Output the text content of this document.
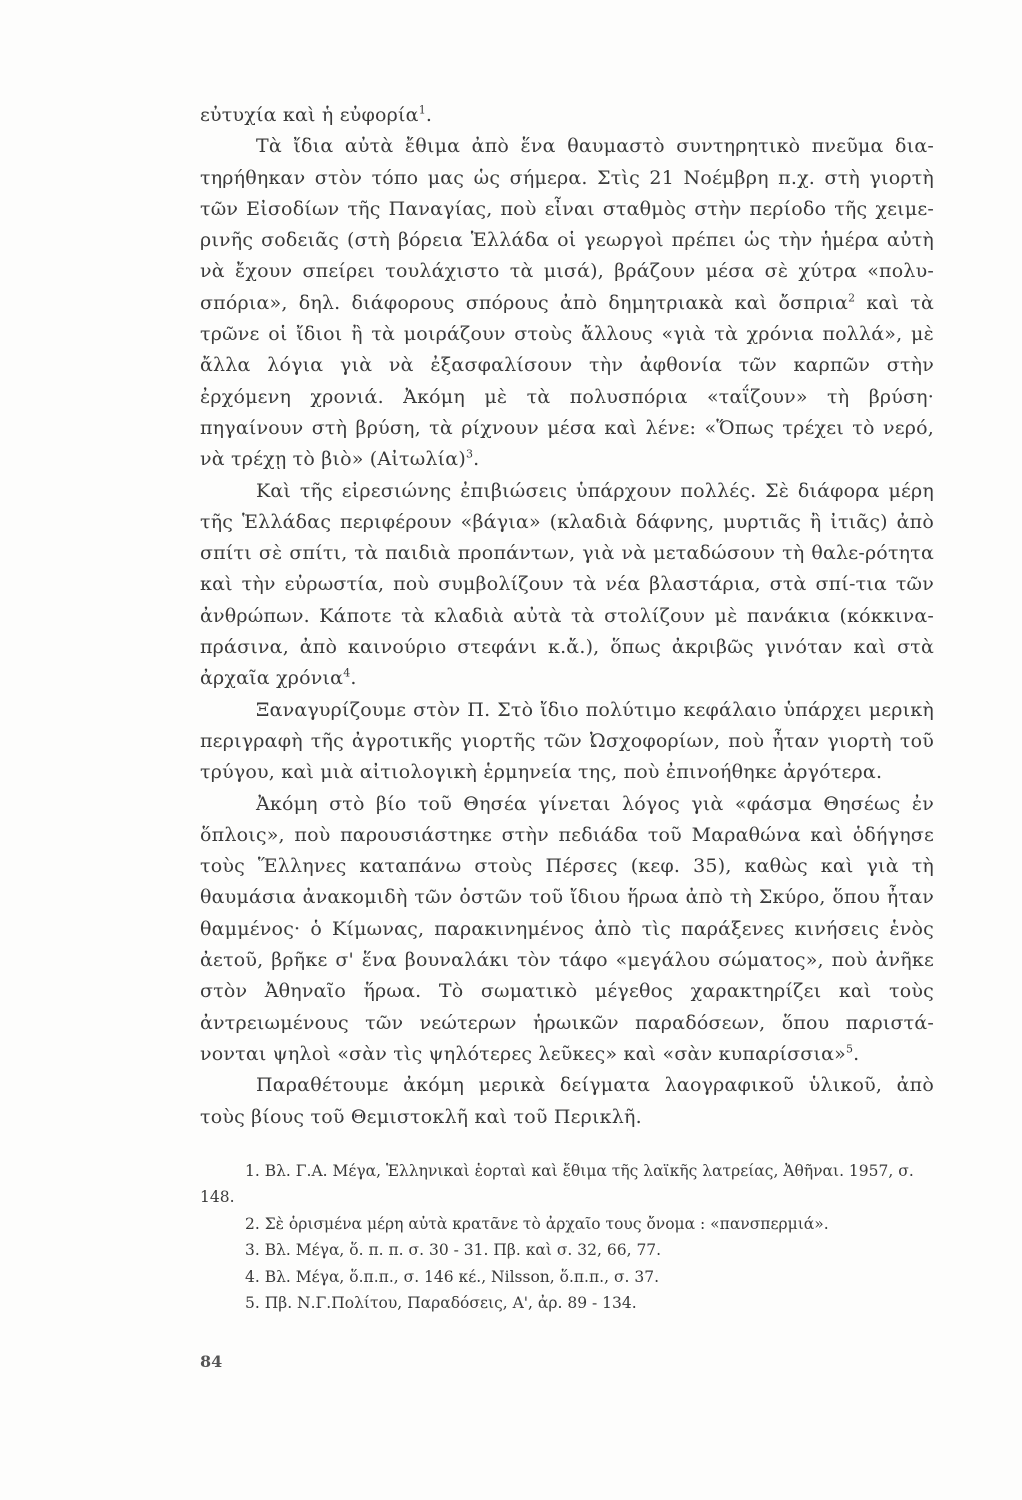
εὐτυχία καὶ ἡ εὐφορία$^1$.

Τὰ ἴδια αὐτὰ ἔθιμα ἀπὸ ἕνα θαυμαστὸ συντηρητικὸ πνεῦμα δια-τηρήθηκαν στὸν τόπο μας ὡς σήμερα. Στὶς 21 Νοέμβρη π.χ. στὴ γιορτὴ τῶν Εἰσοδίων τῆς Παναγίας, ποὺ εἶναι σταθμὸς στὴν περίοδο τῆς χειμε-ρινῆς σοδειᾶς (στὴ βόρεια Ἑλλάδα οἱ γεωργοὶ πρέπει ὡς τὴν ἡμέρα αὐτὴ νὰ ἔχουν σπείρει τουλάχιστο τὰ μισά), βράζουν μέσα σὲ χύτρα «πολυ-σπόρια», δηλ. διάφορους σπόρους ἀπὸ δημητριακὰ καὶ ὄσπρια$^2$ καὶ τὰ τρῶνε οἱ ἴδιοι ἢ τὰ μοιράζουν στοὺς ἄλλους «γιὰ τὰ χρόνια πολλά», μὲ ἄλλα λόγια γιὰ νὰ ἐξασφαλίσουν τὴν ἀφθονία τῶν καρπῶν στὴν ἐρχόμενη χρονιά. Ἀκόμη μὲ τὰ πολυσπόρια «ταΐζουν» τὴ βρύση· πηγαίνουν στὴ βρύση, τὰ ρίχνουν μέσα καὶ λένε: «Ὅπως τρέχει τὸ νερό, νὰ τρέχῃ τὸ βιὸ» (Αἰτωλία)$^3$.

Καὶ τῆς εἰρεσιώνης ἐπιβιώσεις ὑπάρχουν πολλές. Σὲ διάφορα μέρη τῆς Ἑλλάδας περιφέρουν «βάγια» (κλαδιὰ δάφνης, μυρτιᾶς ἢ ἰτιᾶς) ἀπὸ σπίτι σὲ σπίτι, τὰ παιδιὰ προπάντων, γιὰ νὰ μεταδώσουν τὴ θαλε-ρότητα καὶ τὴν εὐρωστία, ποὺ συμβολίζουν τὰ νέα βλαστάρια, στὰ σπί-τια τῶν ἀνθρώπων. Κάποτε τὰ κλαδιὰ αὐτὰ τὰ στολίζουν μὲ πανάκια (κόκκινα-πράσινα, ἀπὸ καινούριο στεφάνι κ.ἄ.), ὅπως ἀκριβῶς γινόταν καὶ στὰ ἀρχαῖα χρόνια$^4$.

Ξαναγυρίζουμε στὸν Π. Στὸ ἴδιο πολύτιμο κεφάλαιο ὑπάρχει μερικὴ περιγραφὴ τῆς ἀγροτικῆς γιορτῆς τῶν Ὠσχοφορίων, ποὺ ἦταν γιορτὴ τοῦ τρύγου, καὶ μιὰ αἰτιολογικὴ ἑρμηνεία της, ποὺ ἐπινοήθηκε ἀργότερα.

Ἀκόμη στὸ βίο τοῦ Θησέα γίνεται λόγος γιὰ «φάσμα Θησέως ἐν ὅπλοις», ποὺ παρουσιάστηκε στὴν πεδιάδα τοῦ Μαραθώνα καὶ ὁδήγησε τοὺς Ἕλληνες καταπάνω στοὺς Πέρσες (κεφ. 35), καθὼς καὶ γιὰ τὴ θαυμάσια ἀνακομιδὴ τῶν ὀστῶν τοῦ ἴδιου ἥρωα ἀπὸ τὴ Σκύρο, ὅπου ἦταν θαμμένος· ὁ Κίμωνας, παρακινημένος ἀπὸ τὶς παράξενες κινήσεις ἑνὸς ἀετοῦ, βρῆκε σ' ἕνα βουναλάκι τὸν τάφο «μεγάλου σώματος», ποὺ ἀνῆκε στὸν Ἀθηναῖο ἥρωα. Τὸ σωματικὸ μέγεθος χαρακτηρίζει καὶ τοὺς ἀντρειωμένους τῶν νεώτερων ἡρωικῶν παραδόσεων, ὅπου παριστά-νονται ψηλοὶ «σὰν τὶς ψηλότερες λεῦκες» καὶ «σὰν κυπαρίσσια»$^5$.

Παραθέτουμε ἀκόμη μερικὰ δείγματα λαογραφικοῦ ὑλικοῦ, ἀπὸ τοὺς βίους τοῦ Θεμιστοκλῆ καὶ τοῦ Περικλῆ.

1. Βλ. Γ.Α. Μέγα, Ἑλληνικαὶ ἑορταὶ καὶ ἔθιμα τῆς λαϊκῆς λατρείας, Ἀθῆναι. 1957, σ. 148.

2. Σὲ ὁρισμένα μέρη αὐτὰ κρατᾶνε τὸ ἀρχαῖο τους ὄνομα : «πανσπερμιά».

3. Βλ. Μέγα, ὅ. π. π. σ. 30 - 31. Πβ. καὶ σ. 32, 66, 77.

4. Βλ. Μέγα, ὅ.π.π., σ. 146 κέ., Nilsson, ὅ.π.π., σ. 37.

5. Πβ. Ν.Γ.Πολίτου, Παραδόσεις, Α', ἀρ. 89 - 134.

84
